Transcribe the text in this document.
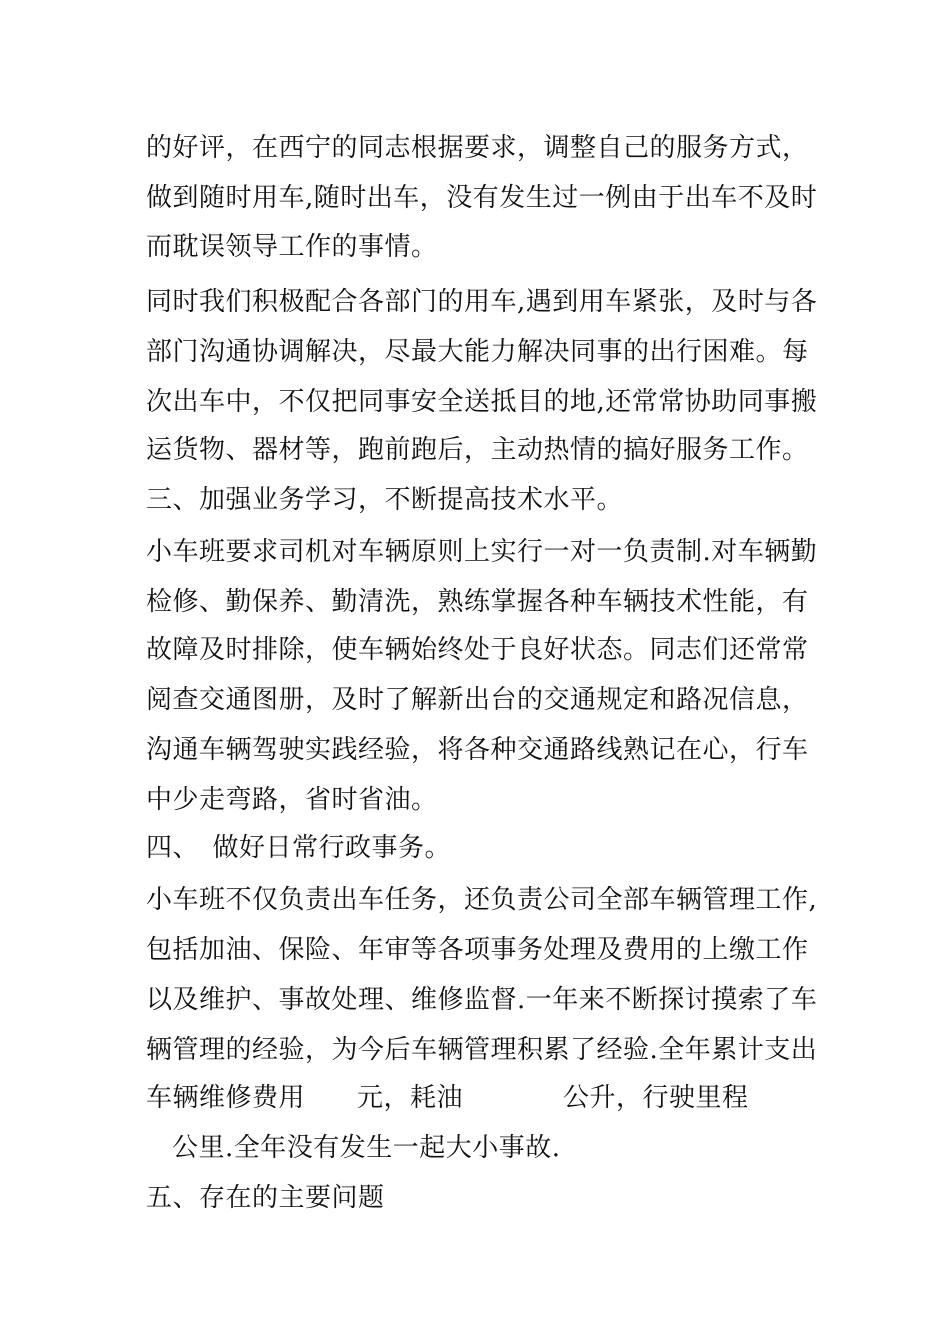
的好评，在西宁的同志根据要求，调整自己的服务方式，
做到随时用车,随时出车，没有发生过一例由于出车不及时
而耽误领导工作的事情。
同时我们积极配合各部门的用车,遇到用车紧张，及时与各
部门沟通协调解决，尽最大能力解决同事的出行困难。每
次出车中，不仅把同事安全送抵目的地,还常常协助同事搬
运货物、器材等，跑前跑后，主动热情的搞好服务工作。
三、加强业务学习，不断提高技术水平。
小车班要求司机对车辆原则上实行一对一负责制.对车辆勤
检修、勤保养、勤清洗，熟练掌握各种车辆技术性能，有
故障及时排除，使车辆始终处于良好状态。同志们还常常
阅查交通图册，及时了解新出台的交通规定和路况信息，
沟通车辆驾驶实践经验，将各种交通路线熟记在心，行车
中少走弯路，省时省油。
四、　做好日常行政事务。
小车班不仅负责出车任务，还负责公司全部车辆管理工作,
包括加油、保险、年审等各项事务处理及费用的上缴工作
以及维护、事故处理、维修监督.一年来不断探讨摸索了车
辆管理的经验，为今后车辆管理积累了经验.全年累计支出
车辆维修费用 元，耗油	公升，行驶里程
公里.全年没有发生一起大小事故.
五、存在的主要问题
